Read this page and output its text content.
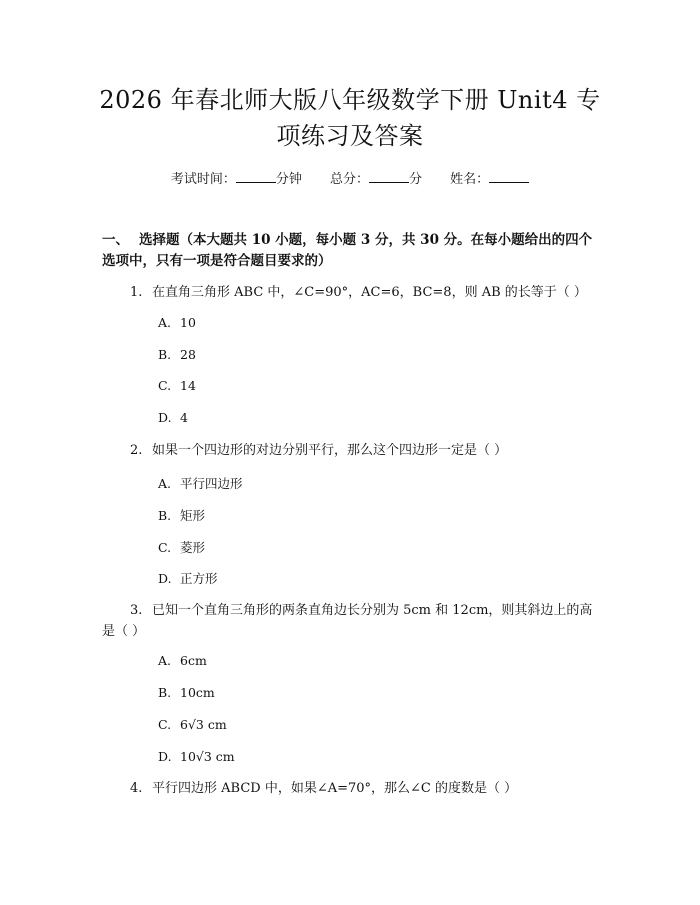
2026 年春北师大版八年级数学下册 Unit4 专
项练习及答案
考试时间：	分钟 总分：	分 姓名：
一、 选择题（本大题共 10 小题，每小题 3 分，共 30 分。在每小题给出的四个选项中，只有一项是符合题目要求的）
1. 在直角三角形 ABC 中，∠C=90°，AC=6，BC=8，则 AB 的长等于（ ）
A. 10
B. 28
C. 14
D. 4
2. 如果一个四边形的对边分别平行，那么这个四边形一定是（ ）
A. 平行四边形
B. 矩形
C. 菱形
D. 正方形
3. 已知一个直角三角形的两条直角边长分别为 5cm 和 12cm，则其斜边上的高是（ ）
A. 6cm
B. 10cm
C. 6√3 cm
D. 10√3 cm
4. 平行四边形 ABCD 中，如果∠A=70°，那么∠C 的度数是（ ）
